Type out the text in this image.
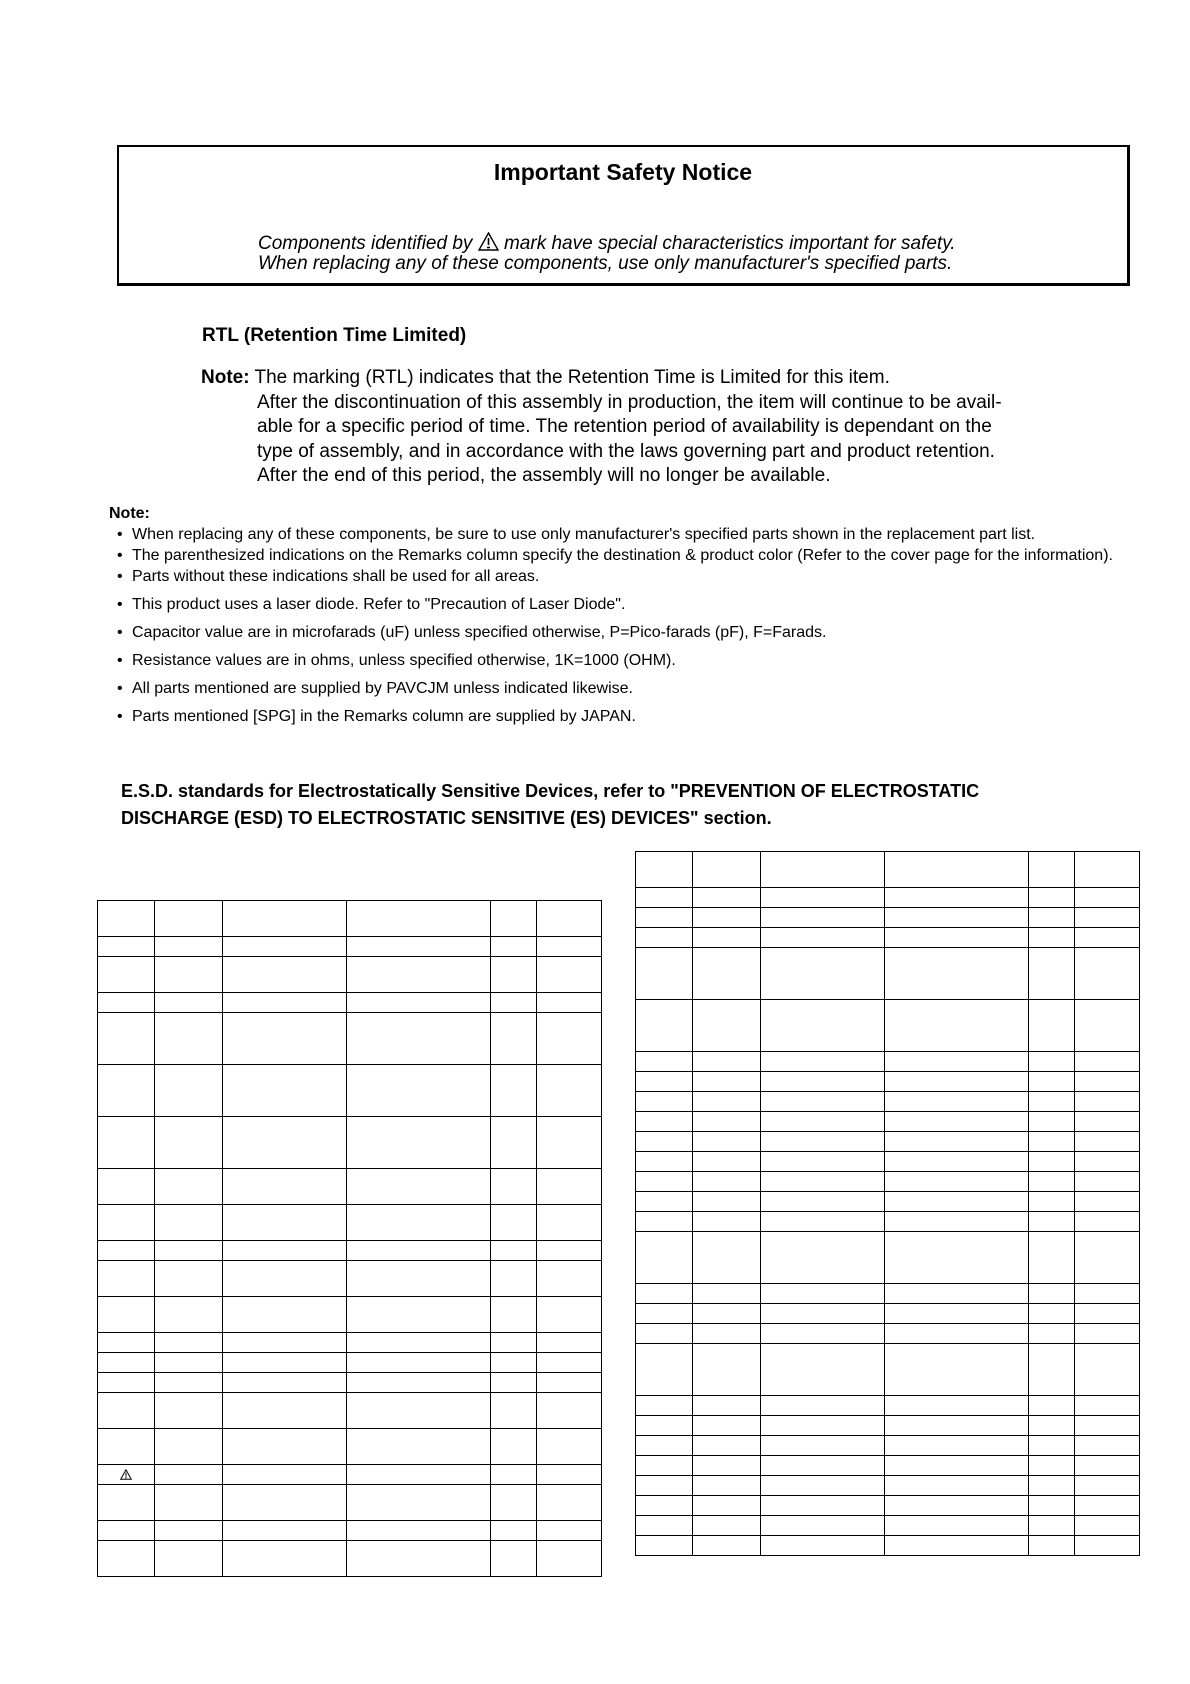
Important Safety Notice
Components identified by mark have special characteristics important for safety.
When replacing any of these components, use only manufacturer's specified parts.
RTL (Retention Time Limited)
Note: The marking (RTL) indicates that the Retention Time is Limited for this item.
After the discontinuation of this assembly in production, the item will continue to be avail-
able for a specific period of time. The retention period of availability is dependant on the
type of assembly, and in accordance with the laws governing part and product retention.
After the end of this period, the assembly will no longer be available.
Note:
• When replacing any of these components, be sure to use only manufacturer's specified parts shown in the replacement part list.
• The parenthesized indications on the Remarks column specify the destination & product color (Refer to the cover page for the information).
• Parts without these indications shall be used for all areas.
• This product uses a laser diode. Refer to "Precaution of Laser Diode".
• Capacitor value are in microfarads (uF) unless specified otherwise, P=Pico-farads (pF), F=Farads.
• Resistance values are in ohms, unless specified otherwise, 1K=1000 (OHM).
• All parts mentioned are supplied by PAVCJM unless indicated likewise.
• Parts mentioned [SPG] in the Remarks column are supplied by JAPAN.
E.S.D. standards for Electrostatically Sensitive Devices, refer to "PREVENTION OF ELECTROSTATIC
DISCHARGE (ESD) TO ELECTROSTATIC SENSITIVE (ES) DEVICES" section.
